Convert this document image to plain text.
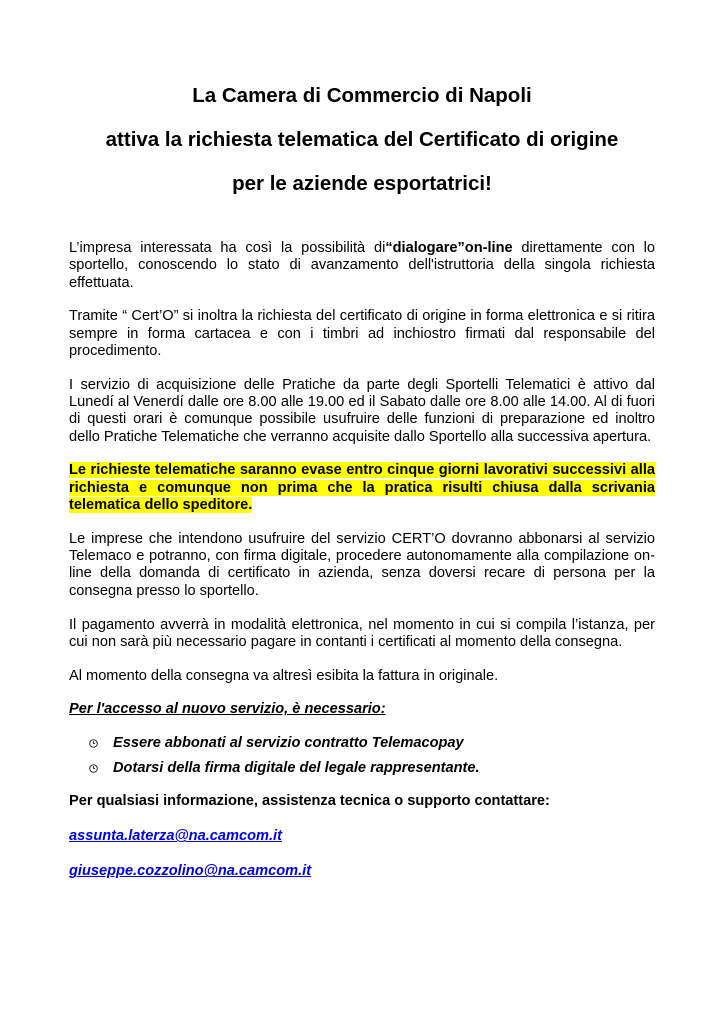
La Camera di Commercio di Napoli
attiva la richiesta telematica del Certificato di origine
per le aziende esportatrici!

L’impresa interessata ha così la possibilità di“dialogare”on-line direttamente con lo sportello, conoscendo lo stato di avanzamento dell'istruttoria della singola richiesta effettuata.

Tramite “ Cert’O” si inoltra la richiesta del certificato di origine in forma elettronica e si ritira sempre in forma cartacea e con i timbri ad inchiostro firmati dal responsabile del procedimento.

I servizio di acquisizione delle Pratiche da parte degli Sportelli Telematici è attivo dal Lunedí al Venerdí dalle ore 8.00 alle 19.00 ed il Sabato dalle ore 8.00 alle 14.00. Al di fuori di questi orari è comunque possibile usufruire delle funzioni di preparazione ed inoltro dello Pratiche Telematiche che verranno acquisite dallo Sportello alla successiva apertura.

Le richieste telematiche saranno evase entro cinque giorni lavorativi successivi alla richiesta e comunque non prima che la pratica risulti chiusa dalla scrivania telematica dello speditore.

Le imprese che intendono usufruire del servizio CERT’O dovranno abbonarsi al servizio Telemaco e potranno, con firma digitale, procedere autonomamente alla compilazione on-line della domanda di certificato in azienda, senza doversi recare di persona per la consegna presso lo sportello.

Il pagamento avverrà in modalità elettronica, nel momento in cui si compila l’istanza, per cui non sarà più necessario pagare in contanti i certificati al momento della consegna.

Al momento della consegna va altresì esibita la fattura in originale.

Per l'accesso al nuovo servizio, è necessario:

Essere abbonati al servizio contratto Telemacopay
Dotarsi della firma digitale del legale rappresentante.

Per qualsiasi informazione, assistenza tecnica o supporto contattare:

assunta.laterza@na.camcom.it
giuseppe.cozzolino@na.camcom.it
